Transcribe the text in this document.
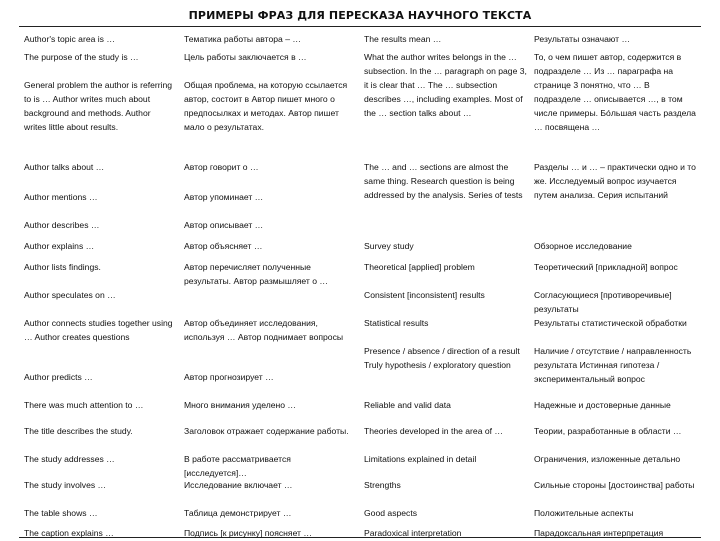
ПРИМЕРЫ ФРАЗ ДЛЯ ПЕРЕСКАЗА НАУЧНОГО ТЕКСТА
Author's topic area is …
The purpose of the study is …
General problem the author is referring to is … Author writes much about background and methods. Author writes little about results.
Author talks about …
Author mentions …
Author describes …
Author explains …
Author lists findings.
Author speculates on …
Author connects studies together using … Author creates questions
Author predicts …
There was much attention to …
The title describes the study.
The study addresses …
The study involves …
The table shows …
The caption explains …
Тематика работы автора – …
Цель работы заключается в …
Общая проблема, на которую ссылается автор, состоит в Автор пишет много о предпосылках и методах. Автор пишет мало о результатах.
Автор говорит о …
Автор упоминает …
Автор описывает …
Автор объясняет …
Автор перечисляет полученные результаты. Автор размышляет о …
Автор объединяет исследования, используя … Автор поднимает вопросы
Автор прогнозирует …
Много внимания уделено …
Заголовок отражает содержание работы.
В работе рассматривается [исследуется]…
Исследование включает …
Таблица демонстрирует …
Подпись [к рисунку] поясняет …
The results mean …
What the author writes belongs in the … subsection. In the … paragraph on page 3, it is clear that … The … subsection describes …, including examples. Most of the … section talks about …
The … and … sections are almost the same thing. Research question is being addressed by the analysis. Series of tests
Survey study
Theoretical [applied] problem
Consistent [inconsistent] results
Statistical results
Presence / absence / direction of a result Truly hypothesis / exploratory question
Reliable and valid data
Theories developed in the area of …
Limitations explained in detail
Strengths
Good aspects
Paradoxical interpretation
Результаты означают …
То, о чем пишет автор, содержится в подразделе … Из … параграфа на странице 3 понятно, что … В подразделе … описывается …, в том числе примеры. Бóльшая часть раздела … посвящена …
Разделы … и … – практически одно и то же. Исследуемый вопрос изучается путем анализа. Серия испытаний
Обзорное исследование
Теоретический [прикладной] вопрос
Согласующиеся [противоречивые] результаты
Результаты статистической обработки
Наличие / отсутствие / направленность результата Истинная гипотеза / экспериментальный вопрос
Надежные и достоверные данные
Теории, разработанные в области …
Ограничения, изложенные детально
Сильные стороны [достоинства] работы
Положительные аспекты
Парадоксальная интерпретация
